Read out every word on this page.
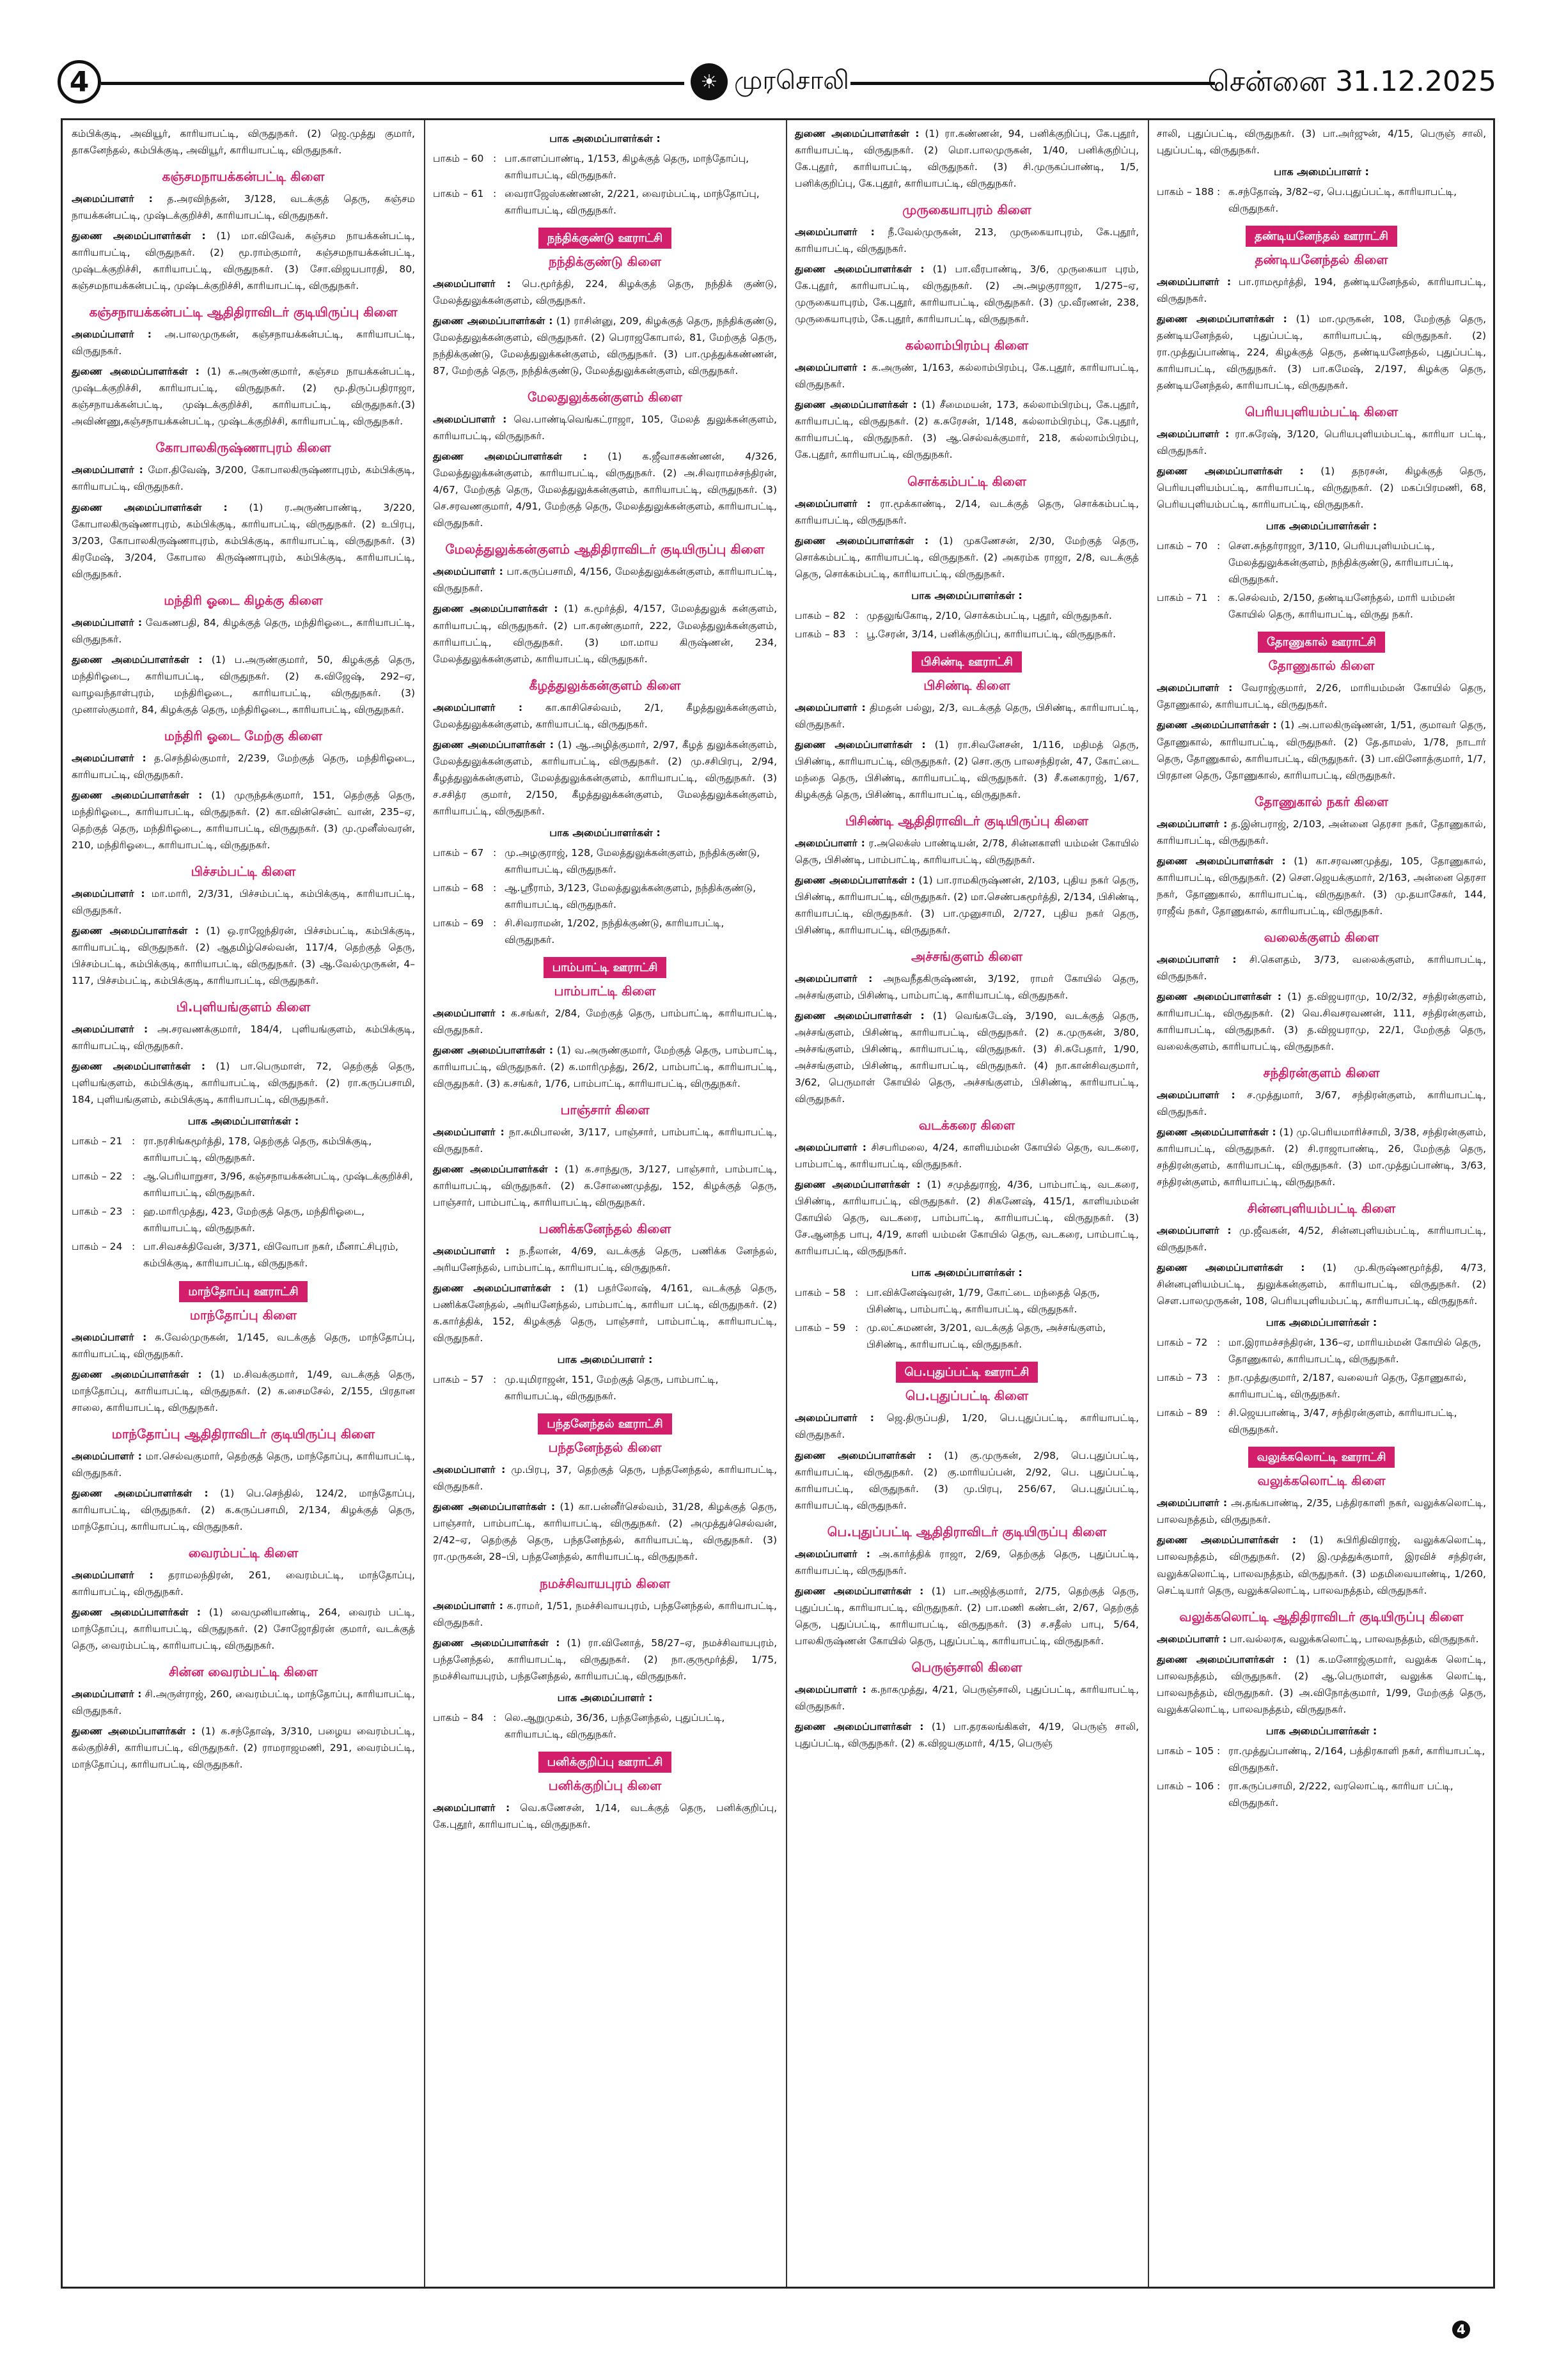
4	☀ முரசொலி	சென்னை 31.12.2025

கம்பிக்குடி, அவியூர், காரியாபட்டி, விருதுநகர். (2) ஜெ.முத்து குமார், தாகனேந்தல், கம்பிக்குடி, அவியூர், காரியாபட்டி, விருதுநகர்.

கஞ்சமநாயக்கன்பட்டி கிளை

அமைப்பாளர் : த.அரவிந்தன், 3/128, வடக்குத் தெரு, கஞ்சம நாயக்கன்பட்டி, முஷ்டக்குறிச்சி, காரியாபட்டி, விருதுநகர்.

துணை அமைப்பாளர்கள் : (1) மா.விவேக், கஞ்சம நாயக்கன்பட்டி, காரியாபட்டி, விருதுநகர். (2) மூ.ராம்குமார், கஞ்சமநாயக்கன்பட்டி, முஷ்டக்குறிச்சி, காரியாபட்டி, விருதுநகர். (3) சோ.விஜயபாரதி, 80, கஞ்சமநாயக்கன்பட்டி, முஷ்டக்குறிச்சி, காரியாபட்டி, விருதுநகர்.

கஞ்சநாயக்கன்பட்டி ஆதிதிராவிடர் குடியிருப்பு கிளை

அமைப்பாளர் : அ.பாலமுருகன், கஞ்சநாயக்கன்பட்டி, காரியாபட்டி, விருதுநகர்.

துணை அமைப்பாளர்கள் : (1) க.அருண்குமார், கஞ்சம நாயக்கன்பட்டி, முஷ்டக்குறிச்சி, காரியாபட்டி, விருதுநகர். (2) மூ.திருப்பதிராஜா, கஞ்சநாயக்கன்பட்டி, முஷ்டக்குறிச்சி, காரியாபட்டி, விருதுநகர்.(3) அவிண்ணு,கஞ்சநாயக்கன்பட்டி, முஷ்டக்குறிச்சி, காரியாபட்டி, விருதுநகர்.

கோபாலகிருஷ்ணாபுரம் கிளை

அமைப்பாளர் : மோ.திவேஷ், 3/200, கோபாலகிருஷ்ணாபுரம், கம்பிக்குடி, காரியாபட்டி, விருதுநகர்.

துணை அமைப்பாளர்கள் : (1) ர.அருண்பாண்டி, 3/220, கோபாலகிருஷ்ணாபுரம், கம்பிக்குடி, காரியாபட்டி, விருதுநகர். (2) உபிரபு, 3/203, கோபாலகிருஷ்ணாபுரம், கம்பிக்குடி, காரியாபட்டி, விருதுநகர். (3) கிரமேஷ், 3/204, கோபால கிருஷ்ணாபுரம், கம்பிக்குடி, காரியாபட்டி, விருதுநகர்.

மந்திரி ஓடை கிழக்கு கிளை

அமைப்பாளர் : வேகணபதி, 84, கிழக்குத் தெரு, மந்திரிஓடை, காரியாபட்டி, விருதுநகர்.

துணை அமைப்பாளர்கள் : (1) ப.அருண்குமார், 50, கிழக்குத் தெரு, மந்திரிஓடை, காரியாபட்டி, விருதுநகர். (2) க.விஜேஷ், 292–ஏ, வாழவந்தாள்புரம், மந்திரிஓடை, காரியாபட்டி, விருதுநகர். (3) முனாஸ்குமார், 84, கிழக்குத் தெரு, மந்திரிஓடை, காரியாபட்டி, விருதுநகர்.

மந்திரி ஓடை மேற்கு கிளை

அமைப்பாளர் : த.செந்தில்குமார், 2/239, மேற்குத் தெரு, மந்திரிஓடை, காரியாபட்டி, விருதுநகர்.

துணை அமைப்பாளர்கள் : (1) முருந்தக்குமார், 151, தெற்குத் தெரு, மந்திரிஓடை, காரியாபட்டி, விருதுநகர். (2) கா.வின்சென்ட் வான், 235–ஏ, தெற்குத் தெரு, மந்திரிஓடை, காரியாபட்டி, விருதுநகர். (3) மு.முனீஸ்வரன், 210, மந்திரிஓடை, காரியாபட்டி, விருதுநகர்.

பிச்சம்பட்டி கிளை

அமைப்பாளர் : மா.மாரி, 2/3/31, பிச்சம்பட்டி, கம்பிக்குடி, காரியாபட்டி, விருதுநகர்.

துணை அமைப்பாளர்கள் : (1) ஒ.ராஜேந்திரன், பிச்சம்பட்டி, கம்பிக்குடி, காரியாபட்டி, விருதுநகர். (2) ஆதமிழ்செல்வன், 117/4, தெற்குத் தெரு, பிச்சம்பட்டி, கம்பிக்குடி, காரியாபட்டி, விருதுநகர். (3) ஆ.வேல்முருகன், 4–117, பிச்சம்பட்டி, கம்பிக்குடி, காரியாபட்டி, விருதுநகர்.

பி.புளியங்குளம் கிளை

அமைப்பாளர் : அ.சரவணக்குமார், 184/4, புளியங்குளம், கம்பிக்குடி, காரியாபட்டி, விருதுநகர்.

துணை அமைப்பாளர்கள் : (1) பா.பெருமாள், 72, தெற்குத் தெரு, புளியங்குளம், கம்பிக்குடி, காரியாபட்டி, விருதுநகர். (2) ரா.கருப்பசாமி, 184, புளியங்குளம், கம்பிக்குடி, காரியாபட்டி, விருதுநகர்.

பாக அமைப்பாளர்கள் :
பாகம் – 21 : ரா.நரசிங்கமூர்த்தி, 178, தெற்குத் தெரு, கம்பிக்குடி, காரியாபட்டி, விருதுநகர்.
பாகம் – 22 : ஆ.பெரியாறுசா, 3/96, கஞ்சநாயக்கன்பட்டி, முஷ்டக்குறிச்சி, காரியாபட்டி, விருதுநகர்.
பாகம் – 23 : ஹ.மாரிமுத்து, 423, மேற்குத் தெரு, மந்திரிஓடை, காரியாபட்டி, விருதுநகர்.
பாகம் – 24 : பா.சிவசக்திவேன், 3/371, விவோபா நகர், மீனாட்சிபுரம், கம்பிக்குடி, காரியாபட்டி, விருதுநகர்.
மாந்தோப்பு ஊராட்சி
மாந்தோப்பு கிளை

அமைப்பாளர் : சு.வேல்முருகன், 1/145, வடக்குத் தெரு, மாந்தோப்பு, காரியாபட்டி, விருதுநகர்.

துணை அமைப்பாளர்கள் : (1) ம.சிவக்குமார், 1/49, வடக்குத் தெரு, மாந்தோப்பு, காரியாபட்டி, விருதுநகர். (2) க.சைமசேல், 2/155, பிரதான சாலை, காரியாபட்டி, விருதுநகர்.

மாந்தோப்பு ஆதிதிராவிடர் குடியிருப்பு கிளை

அமைப்பாளர் : மா.செல்வகுமார், தெற்குத் தெரு, மாந்தோப்பு, காரியாபட்டி, விருதுநகர்.

துணை அமைப்பாளர்கள் : (1) பெ.செந்தில், 124/2, மாந்தோப்பு, காரியாபட்டி, விருதுநகர். (2) க.கருப்பசாமி, 2/134, கிழக்குத் தெரு, மாந்தோப்பு, காரியாபட்டி, விருதுநகர்.

வைரம்பட்டி கிளை

அமைப்பாளர் : தராமலந்திரன், 261, வைரம்பட்டி, மாந்தோப்பு, காரியாபட்டி, விருதுநகர்.

துணை அமைப்பாளர்கள் : (1) வைமுனியாண்டி, 264, வைரம் பட்டி, மாந்தோப்பு, காரியாபட்டி, விருதுநகர். (2) சோஜோதிரன் குமார், வடக்குத் தெரு, வைரம்பட்டி, காரியாபட்டி, விருதுநகர்.

சின்ன வைரம்பட்டி கிளை

அமைப்பாளர் : சி.அருள்ராஜ், 260, வைரம்பட்டி, மாந்தோப்பு, காரியாபட்டி, விருதுநகர்.

துணை அமைப்பாளர்கள் : (1) க.சந்தோஷ், 3/310, பழைய வைரம்பட்டி, கல்குறிச்சி, காரியாபட்டி, விருதுநகர். (2) ராமராஜமணி, 291, வைரம்பட்டி, மாந்தோப்பு, காரியாபட்டி, விருதுநகர்.

பாக அமைப்பாளர்கள் :
பாகம் – 60 : பா.காளப்பாண்டி, 1/153, கிழக்குத் தெரு, மாந்தோப்பு, காரியாபட்டி, விருதுநகர்.
பாகம் – 61 : வைராஜேஸ்கண்ணன், 2/221, வைரம்பட்டி, மாந்தோப்பு, காரியாபட்டி, விருதுநகர்.
நந்திக்குண்டு ஊராட்சி
நந்திக்குண்டு கிளை

அமைப்பாளர் : பெ.மூர்த்தி, 224, கிழக்குத் தெரு, நந்திக் குண்டு, மேலத்துலுக்கன்குளம், விருதுநகர்.

துணை அமைப்பாளர்கள் : (1) ராசின்னு, 209, கிழக்குத் தெரு, நந்திக்குண்டு, மேலத்துலுக்கன்குளம், விருதுநகர். (2) பெராஜகோபால், 81, மேற்குத் தெரு, நந்திக்குண்டு, மேலத்துலுக்கன்குளம், விருதுநகர். (3) பா.முத்துக்கண்ணன், 87, மேற்குத் தெரு, நந்திக்குண்டு, மேலத்துலுக்கன்குளம், விருதுநகர்.

மேலதுலுக்கன்குளம் கிளை

அமைப்பாளர் : வெ.பாண்டிவெங்கட்ராஜா, 105, மேலத் துலுக்கன்குளம், காரியாபட்டி, விருதுநகர்.

துணை அமைப்பாளர்கள் : (1) க.ஜீவாசகண்ணன், 4/326, மேலத்துலுக்கன்குளம், காரியாபட்டி, விருதுநகர். (2) அ.சிவராமச்சந்திரன், 4/67, மேற்குத் தெரு, மேலத்துலுக்கன்குளம், காரியாபட்டி, விருதுநகர். (3) செ.சரவணகுமார், 4/91, மேற்குத் தெரு, மேலத்துலுக்கன்குளம், காரியாபட்டி, விருதுநகர்.

மேலத்துலுக்கன்குளம் ஆதிதிராவிடர் குடியிருப்பு கிளை

அமைப்பாளர் : பா.கருப்பசாமி, 4/156, மேலத்துலுக்கன்குளம், காரியாபட்டி, விருதுநகர்.

துணை அமைப்பாளர்கள் : (1) க.மூர்த்தி, 4/157, மேலத்துலுக் கன்குளம், காரியாபட்டி, விருதுநகர். (2) பா.கரண்குமார், 222, மேலத்துலுக்கன்குளம், காரியாபட்டி, விருதுநகர். (3) மா.மாய கிருஷ்ணன், 234, மேலத்துலுக்கன்குளம், காரியாபட்டி, விருதுநகர்.

கீழத்துலுக்கன்குளம் கிளை

அமைப்பாளர் : கா.காசிசெல்வம், 2/1, கீழத்துலுக்கன்குளம், மேலத்துலுக்கன்குளம், காரியாபட்டி, விருதுநகர்.

துணை அமைப்பாளர்கள் : (1) ஆ.அழித்குமார், 2/97, கீழத் துலுக்கன்குளம், மேலத்துலுக்கன்குளம், காரியாபட்டி, விருதுநகர். (2) மு.சசிபிரபு, 2/94, கீழத்துலுக்கன்குளம், மேலத்துலுக்கன்குளம், காரியாபட்டி, விருதுநகர். (3) ச.சசித்ர குமார், 2/150, கீழத்துலுக்கன்குளம், மேலத்துலுக்கன்குளம், காரியாபட்டி, விருதுநகர்.

பாக அமைப்பாளர்கள் :
பாகம் – 67 : மு.அழகுராஜ், 128, மேலத்துலுக்கன்குளம், நந்திக்குண்டு, காரியாபட்டி, விருதுநகர்.
பாகம் – 68 : ஆ.ஸ்ரீராம், 3/123, மேலத்துலுக்கன்குளம், நந்திக்குண்டு, காரியாபட்டி, விருதுநகர்.
பாகம் – 69 : சி.சிவராமன், 1/202, நந்திக்குண்டு, காரியாபட்டி, விருதுநகர்.
பாம்பாட்டி ஊராட்சி
பாம்பாட்டி கிளை

அமைப்பாளர் : க.சங்கர், 2/84, மேற்குத் தெரு, பாம்பாட்டி, காரியாபட்டி, விருதுநகர்.

துணை அமைப்பாளர்கள் : (1) வ.அருண்குமார், மேற்குத் தெரு, பாம்பாட்டி, காரியாபட்டி, விருதுநகர். (2) க.மாரிமுத்து, 26/2, பாம்பாட்டி, காரியாபட்டி, விருதுநகர். (3) க.சங்கர், 1/76, பாம்பாட்டி, காரியாபட்டி, விருதுநகர்.

பாஞ்சார் கிளை

அமைப்பாளர் : நா.சுமிபாலன், 3/117, பாஞ்சார், பாம்பாட்டி, காரியாபட்டி, விருதுநகர்.

துணை அமைப்பாளர்கள் : (1) க.சாந்துரு, 3/127, பாஞ்சார், பாம்பாட்டி, காரியாபட்டி, விருதுநகர். (2) க.சோணைமுத்து, 152, கிழக்குத் தெரு, பாஞ்சார், பாம்பாட்டி, காரியாபட்டி, விருதுநகர்.

பணிக்கனேந்தல் கிளை

அமைப்பாளர் : ந.நீலான், 4/69, வடக்குத் தெரு, பணிக்க னேந்தல், அரியனேந்தல், பாம்பாட்டி, காரியாபட்டி, விருதுநகர்.

துணை அமைப்பாளர்கள் : (1) பதர்லோஷ், 4/161, வடக்குத் தெரு, பணிக்கனேந்தல், அரியனேந்தல், பாம்பாட்டி, காரியா பட்டி, விருதுநகர். (2) க.கார்த்திக், 152, கிழக்குத் தெரு, பாஞ்சார், பாம்பாட்டி, காரியாபட்டி, விருதுநகர்.

பாக அமைப்பாளர் :
பாகம் – 57 : மு.யுமிராஜன், 151, மேற்குத் தெரு, பாம்பாட்டி, காரியாபட்டி, விருதுநகர்.
பந்தனேந்தல் ஊராட்சி
பந்தனேந்தல் கிளை

அமைப்பாளர் : மு.பிரபு, 37, தெற்குத் தெரு, பந்தனேந்தல், காரியாபட்டி, விருதுநகர்.

துணை அமைப்பாளர்கள் : (1) கா.பன்னீர்செல்வம், 31/28, கிழக்குத் தெரு, பாஞ்சார், பாம்பாட்டி, காரியாபட்டி, விருதுநகர். (2) அமுத்துச்செல்வன், 2/42–ஏ, தெற்குத் தெரு, பந்தனேந்தல், காரியாபட்டி, விருதுநகர். (3) ரா.முருகன், 28–பி, பந்தனேந்தல், காரியாபட்டி, விருதுநகர்.

நமச்சிவாயபுரம் கிளை

அமைப்பாளர் : க.ராமர், 1/51, நமச்சிவாயபுரம், பந்தனேந்தல், காரியாபட்டி, விருதுநகர்.

துணை அமைப்பாளர்கள் : (1) ரா.வினோத், 58/27–ஏ, நமச்சிவாயபுரம், பந்தனேந்தல், காரியாபட்டி, விருதுநகர். (2) நா.குருமூர்த்தி, 1/75, நமச்சிவாயபுரம், பந்தனேந்தல், காரியாபட்டி, விருதுநகர்.

பாக அமைப்பாளர் :
பாகம் – 84 : லெ.ஆறுமுகம், 36/36, பந்தனேந்தல், புதுப்பட்டி, காரியாபட்டி, விருதுநகர்.
பனிக்குறிப்பு ஊராட்சி
பனிக்குறிப்பு கிளை

அமைப்பாளர் : வெ.கணேசன், 1/14, வடக்குத் தெரு, பனிக்குறிப்பு, கே.புதூர், காரியாபட்டி, விருதுநகர்.

துணை அமைப்பாளர்கள் : (1) ரா.கண்ணன், 94, பனிக்குறிப்பு, கே.புதூர், காரியாபட்டி, விருதுநகர். (2) மொ.பாலமுருகன், 1/40, பனிக்குறிப்பு, கே.புதூர், காரியாபட்டி, விருதுநகர். (3) சி.முருகப்பாண்டி, 1/5, பனிக்குறிப்பு, கே.புதூர், காரியாபட்டி, விருதுநகர்.

முருகையாபுரம் கிளை

அமைப்பாளர் : நீ.வேல்முருகன், 213, முருகையாபுரம், கே.புதூர், காரியாபட்டி, விருதுநகர்.

துணை அமைப்பாளர்கள் : (1) பா.வீரபாண்டி, 3/6, முருகையா புரம், கே.புதூர், காரியாபட்டி, விருதுநகர். (2) அ.அழகுராஜா, 1/275–ஏ, முருகையாபுரம், கே.புதூர், காரியாபட்டி, விருதுநகர். (3) மு.வீரணன், 238, முருகையாபுரம், கே.புதூர், காரியாபட்டி, விருதுநகர்.

கல்லாம்பிரம்பு கிளை

அமைப்பாளர் : க.அருண், 1/163, கல்லாம்பிரம்பு, கே.புதூர், காரியாபட்டி, விருதுநகர்.

துணை அமைப்பாளர்கள் : (1) சீமைமயன், 173, கல்லாம்பிரம்பு, கே.புதூர், காரியாபட்டி, விருதுநகர். (2) க.சுரேசன், 1/148, கல்லாம்பிரம்பு, கே.புதூர், காரியாபட்டி, விருதுநகர். (3) ஆ.செல்வக்குமார், 218, கல்லாம்பிரம்பு, கே.புதூர், காரியாபட்டி, விருதுநகர்.

சொக்கம்பட்டி கிளை

அமைப்பாளர் : ரா.மூக்காண்டி, 2/14, வடக்குத் தெரு, சொக்கம்பட்டி, காரியாபட்டி, விருதுநகர்.

துணை அமைப்பாளர்கள் : (1) முகணேசன், 2/30, மேற்குத் தெரு, சொக்கம்பட்டி, காரியாபட்டி, விருதுநகர். (2) அகரம்க ராஜா, 2/8, வடக்குத் தெரு, சொக்கம்பட்டி, காரியாபட்டி, விருதுநகர்.

பாக அமைப்பாளர்கள் :
பாகம் – 82 : முதலுங்கோடி, 2/10, சொக்கம்பட்டி, புதூர், விருதுநகர்.
பாகம் – 83 : பூ.சேரன், 3/14, பனிக்குறிப்பு, காரியாபட்டி, விருதுநகர்.
பிசிண்டி ஊராட்சி
பிசிண்டி கிளை

அமைப்பாளர் : திமதன் பல்லு, 2/3, வடக்குத் தெரு, பிசிண்டி, காரியாபட்டி, விருதுநகர்.

துணை அமைப்பாளர்கள் : (1) ரா.சிவனேசன், 1/116, மதிமத் தெரு, பிசிண்டி, காரியாபட்டி, விருதுநகர். (2) சொ.குரு பாலசந்திரன், 47, கோட்டை மந்தை தெரு, பிசிண்டி, காரியாபட்டி, விருதுநகர். (3) சீ.கனகராஜ், 1/67, கிழக்குத் தெரு, பிசிண்டி, காரியாபட்டி, விருதுநகர்.

பிசிண்டி ஆதிதிராவிடர் குடியிருப்பு கிளை

அமைப்பாளர் : ர.அலெக்ஸ் பாண்டியன், 2/78, சின்னகாளி யம்மன் கோயில் தெரு, பிசிண்டி, பாம்பாட்டி, காரியாபட்டி, விருதுநகர்.

துணை அமைப்பாளர்கள் : (1) பா.ராமகிருஷ்ணன், 2/103, புதிய நகர் தெரு, பிசிண்டி, காரியாபட்டி, விருதுநகர். (2) மா.செண்பகமூர்த்தி, 2/134, பிசிண்டி, காரியாபட்டி, விருதுநகர். (3) பா.முனுசாமி, 2/727, புதிய நகர் தெரு, பிசிண்டி, காரியாபட்டி, விருதுநகர்.

அச்சங்குளம் கிளை

அமைப்பாளர் : அநவநீதகிருஷ்ணன், 3/192, ராமர் கோயில் தெரு, அச்சங்குளம், பிசிண்டி, பாம்பாட்டி, காரியாபட்டி, விருதுநகர்.

துணை அமைப்பாளர்கள் : (1) வெங்கடேஷ், 3/190, வடக்குத் தெரு, அச்சங்குளம், பிசிண்டி, காரியாபட்டி, விருதுநகர். (2) க.முருகன், 3/80, அச்சங்குளம், பிசிண்டி, காரியாபட்டி, விருதுநகர். (3) சி.சுபேதார், 1/90, அச்சங்குளம், பிசிண்டி, காரியாபட்டி, விருதுநகர். (4) நா.கான்சிவகுமார், 3/62, பெருமாள் கோயில் தெரு, அச்சங்குளம், பிசிண்டி, காரியாபட்டி, விருதுநகர்.

வடக்கரை கிளை

அமைப்பாளர் : சிசபரிமலை, 4/24, காளியம்மன் கோயில் தெரு, வடகரை, பாம்பாட்டி, காரியாபட்டி, விருதுநகர்.

துணை அமைப்பாளர்கள் : (1) சமுத்துராஜ், 4/36, பாம்பாட்டி, வடகரை, பிசிண்டி, காரியாபட்டி, விருதுநகர். (2) சிகணேஷ், 415/1, காளியம்மன் கோயில் தெரு, வடகரை, பாம்பாட்டி, காரியாபட்டி, விருதுநகர். (3) சே.ஆனந்த பாபு, 4/19, காளி யம்மன் கோயில் தெரு, வடகரை, பாம்பாட்டி, காரியாபட்டி, விருதுநகர்.

பாக அமைப்பாளர்கள் :
பாகம் – 58 : பா.விக்னேஷ்வரன், 1/79, கோட்டை மந்தைத் தெரு, பிசிண்டி, பாம்பாட்டி, காரியாபட்டி, விருதுநகர்.
பாகம் – 59 : மு.லட்சுமணன், 3/201, வடக்குத் தெரு, அச்சங்குளம், பிசிண்டி, காரியாபட்டி, விருதுநகர்.
பெ.புதுப்பட்டி ஊராட்சி
பெ.புதுப்பட்டி கிளை

அமைப்பாளர் : ஜெ.திருப்பதி, 1/20, பெ.புதுப்பட்டி, காரியாபட்டி, விருதுநகர்.

துணை அமைப்பாளர்கள் : (1) கு.முருகன், 2/98, பெ.புதுப்பட்டி, காரியாபட்டி, விருதுநகர். (2) கு.மாரியப்பன், 2/92, பெ. புதுப்பட்டி, காரியாபட்டி, விருதுநகர். (3) மு.பிரபு, 256/67, பெ.புதுப்பட்டி, காரியாபட்டி, விருதுநகர்.

பெ.புதுப்பட்டி ஆதிதிராவிடர் குடியிருப்பு கிளை

அமைப்பாளர் : அ.கார்த்திக் ராஜா, 2/69, தெற்குத் தெரு, புதுப்பட்டி, காரியாபட்டி, விருதுநகர்.

துணை அமைப்பாளர்கள் : (1) பா.அஜித்குமார், 2/75, தெற்குத் தெரு, புதுப்பட்டி, காரியாபட்டி, விருதுநகர். (2) பா.மணி கண்டன், 2/67, தெற்குத் தெரு, புதுப்பட்டி, காரியாபட்டி, விருதுநகர். (3) ச.சதீஸ் பாபு, 5/64, பாலகிருஷ்ணன் கோயில் தெரு, புதுப்பட்டி, காரியாபட்டி, விருதுநகர்.

பெருஞ்சாலி கிளை

அமைப்பாளர் : க.நாகமுத்து, 4/21, பெருஞ்சாலி, புதுப்பட்டி, காரியாபட்டி, விருதுநகர்.

துணை அமைப்பாளர்கள் : (1) பா.தரகலங்கிகள், 4/19, பெருஞ் சாலி, புதுப்பட்டி, விருதுநகர். (2) க.விஜயகுமார், 4/15, பெருஞ்

சாலி, புதுப்பட்டி, விருதுநகர். (3) பா.அர்ஜுன், 4/15, பெருஞ் சாலி, புதுப்பட்டி, விருதுநகர்.

பாக அமைப்பாளர் :
பாகம் – 188 : க.சந்தோஷ், 3/82–ஏ, பெ.புதுப்பட்டி, காரியாபட்டி, விருதுநகர்.
தண்டியனேந்தல் ஊராட்சி
தண்டியனேந்தல் கிளை

அமைப்பாளர் : பா.ராமமூர்த்தி, 194, தண்டியனேந்தல், காரியாபட்டி, விருதுநகர்.

துணை அமைப்பாளர்கள் : (1) மா.முருகன், 108, மேற்குத் தெரு, தண்டியனேந்தல், புதுப்பட்டி, காரியாபட்டி, விருதுநகர். (2) ரா.முத்துப்பாண்டி, 224, கிழக்குத் தெரு, தண்டியனேந்தல், புதுப்பட்டி, காரியாபட்டி, விருதுநகர். (3) பா.கமேஷ், 2/197, கிழக்கு தெரு, தண்டியனேந்தல், காரியாபட்டி, விருதுநகர்.

பெரியபுளியம்பட்டி கிளை

அமைப்பாளர் : ரா.சுரேஷ், 3/120, பெரியபுளியம்பட்டி, காரியா பட்டி, விருதுநகர்.

துணை அமைப்பாளர்கள் : (1) தநரசன், கிழக்குத் தெரு, பெரியபுளியம்பட்டி, காரியாபட்டி, விருதுநகர். (2) மகப்பிரமணி, 68, பெரியபுளியம்பட்டி, காரியாபட்டி, விருதுநகர்.

பாக அமைப்பாளர்கள் :
பாகம் – 70 : சௌ.சுந்தர்ராஜா, 3/110, பெரியபுளியம்பட்டி, மேலத்துலுக்கன்குளம், நந்திக்குண்டு, காரியாபட்டி, விருதுநகர்.
பாகம் – 71 : க.செல்வம், 2/150, தண்டியனேந்தல், மாரி யம்மன் கோயில் தெரு, காரியாபட்டி, விருது நகர்.
தோணுகால் ஊராட்சி
தோணுகால் கிளை

அமைப்பாளர் : வேராஜ்குமார், 2/26, மாரியம்மன் கோயில் தெரு, தோணுகால், காரியாபட்டி, விருதுநகர்.

துணை அமைப்பாளர்கள் : (1) அ.பாலகிருஷ்ணன், 1/51, குமாவர் தெரு, தோணுகால், காரியாபட்டி, விருதுநகர். (2) தே.தாமஸ், 1/78, நாடார் தெரு, தோணுகால், காரியாபட்டி, விருதுநகர். (3) பா.வினோத்குமார், 1/7, பிரதான தெரு, தோணுகால், காரியாபட்டி, விருதுநகர்.

தோணுகால் நகர் கிளை

அமைப்பாளர் : த.இன்பராஜ், 2/103, அன்னை தெரசா நகர், தோணுகால், காரியாபட்டி, விருதுநகர்.

துணை அமைப்பாளர்கள் : (1) கா.சரவணமுத்து, 105, தோணுகால், காரியாபட்டி, விருதுநகர். (2) சௌ.ஜெயக்குமார், 2/163, அன்னை தெரசா நகர், தோணுகால், காரியாபட்டி, விருதுநகர். (3) மு.தயாசேகர், 144, ராஜீவ் நகர், தோணுகால், காரியாபட்டி, விருதுநகர்.

வலைக்குளம் கிளை

அமைப்பாளர் : சி.கௌதம், 3/73, வலைக்குளம், காரியாபட்டி, விருதுநகர்.

துணை அமைப்பாளர்கள் : (1) த.விஜயராமு, 10/2/32, சந்திரன்குளம், காரியாபட்டி, விருதுநகர். (2) வெ.சிவசரவணன், 111, சந்திரன்குளம், காரியாபட்டி, விருதுநகர். (3) த.விஜயராமு, 22/1, மேற்குத் தெரு, வலைக்குளம், காரியாபட்டி, விருதுநகர்.

சந்திரன்குளம் கிளை

அமைப்பாளர் : ச.முத்துமார், 3/67, சந்திரன்குளம், காரியாபட்டி, விருதுநகர்.

துணை அமைப்பாளர்கள் : (1) மு.பெரியமாரிச்சாமி, 3/38, சந்திரன்குளம், காரியாபட்டி, விருதுநகர். (2) சி.ராஜாபாண்டி, 26, மேற்குத் தெரு, சந்திரன்குளம், காரியாபட்டி, விருதுநகர். (3) மா.முத்துப்பாண்டி, 3/63, சந்திரன்குளம், காரியாபட்டி, விருதுநகர்.

சின்னபுளியம்பட்டி கிளை

அமைப்பாளர் : மு.ஜீவகன், 4/52, சின்னபுளியம்பட்டி, காரியாபட்டி, விருதுநகர்.

துணை அமைப்பாளர்கள் : (1) மு.கிருஷ்ணமூர்த்தி, 4/73, சின்னபுளியம்பட்டி, துலுக்கன்குளம், காரியாபட்டி, விருதுநகர். (2) சௌ.பாலமுருகன், 108, பெரியபுளியம்பட்டி, காரியாபட்டி, விருதுநகர்.

பாக அமைப்பாளர்கள் :
பாகம் – 72 : மா.இராமச்சந்திரன், 136–ஏ, மாரியம்மன் கோயில் தெரு, தோணுகால், காரியாபட்டி, விருதுநகர்.
பாகம் – 73 : நா.முத்துகுமார், 2/187, வலையர் தெரு, தோணுகால், காரியாபட்டி, விருதுநகர்.
பாகம் – 89 : சி.ஜெயபாண்டி, 3/47, சந்திரன்குளம், காரியாபட்டி, விருதுநகர்.
வலுக்கலொட்டி ஊராட்சி
வலுக்கலொட்டி கிளை

அமைப்பாளர் : அ.தங்கபாண்டி, 2/35, பத்திரகாளி நகர், வலுக்கலொட்டி, பாலவநத்தம், விருதுநகர்.

துணை அமைப்பாளர்கள் : (1) சுபிரிதிவிராஜ், வலுக்கலொட்டி, பாலவநத்தம், விருதுநகர். (2) இ.முத்துக்குமார், இரவிச் சந்திரன், வலுக்கலொட்டி, பாலவநத்தம், விருதுநகர். (3) மதமிவையாண்டி, 1/260, செட்டியார் தெரு, வலுக்கலொட்டி, பாலவநத்தம், விருதுநகர்.

வலுக்கலொட்டி ஆதிதிராவிடர் குடியிருப்பு கிளை

அமைப்பாளர் : பா.வல்லரசு, வலுக்கலொட்டி, பாலவநத்தம், விருதுநகர்.

துணை அமைப்பாளர்கள் : (1) க.மனோஜ்குமார், வலுக்க லொட்டி, பாலவநத்தம், விருதுநகர். (2) ஆ.பெருமாள், வலுக்க லொட்டி, பாலவநத்தம், விருதுநகர். (3) அ.விநோத்குமார், 1/99, மேற்குத் தெரு, வலுக்கலொட்டி, பாலவநத்தம், விருதுநகர்.

பாக அமைப்பாளர்கள் :
பாகம் – 105 : ரா.முத்துப்பாண்டி, 2/164, பத்திரகாளி நகர், காரியாபட்டி, விருதுநகர்.
பாகம் – 106 : ரா.கருப்பசாமி, 2/222, வரலொட்டி, காரியா பட்டி, விருதுநகர்.
4
